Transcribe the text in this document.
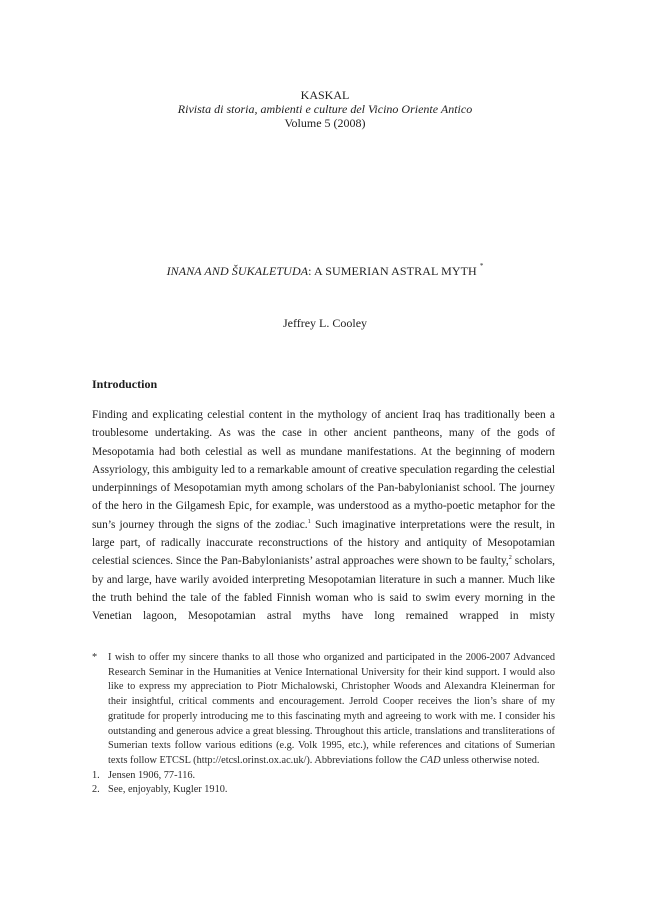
KASKAL
Rivista di storia, ambienti e culture del Vicino Oriente Antico
Volume 5 (2008)
INANA AND ŠUKALETUDA: A SUMERIAN ASTRAL MYTH *
Jeffrey L. Cooley
Introduction

Finding and explicating celestial content in the mythology of ancient Iraq has traditionally been a troublesome undertaking. As was the case in other ancient pantheons, many of the gods of Mesopotamia had both celestial as well as mundane manifestations. At the beginning of modern Assyriology, this ambiguity led to a remarkable amount of creative speculation regarding the celestial underpinnings of Mesopotamian myth among scholars of the Pan-babylonianist school. The journey of the hero in the Gilgamesh Epic, for example, was understood as a mytho-poetic metaphor for the sun’s journey through the signs of the zodiac.$^1$ Such imaginative interpretations were the result, in large part, of radically inaccurate reconstructions of the history and antiquity of Mesopotamian celestial sciences. Since the Pan-Babylonianists’ astral approaches were shown to be faulty,$^2$ scholars, by and large, have warily avoided interpreting Mesopotamian literature in such a manner. Much like the truth behind the tale of the fabled Finnish woman who is said to swim every morning in the Venetian lagoon, Mesopotamian astral myths have long remained wrapped in misty

*	I wish to offer my sincere thanks to all those who organized and participated in the 2006-2007 Advanced Research Seminar in the Humanities at Venice International University for their kind support. I would also like to express my appreciation to Piotr Michalowski, Christopher Woods and Alexandra Kleinerman for their insightful, critical comments and encouragement. Jerrold Cooper receives the lion’s share of my gratitude for properly introducing me to this fascinating myth and agreeing to work with me. I consider his outstanding and generous advice a great blessing. Throughout this article, translations and transliterations of Sumerian texts follow various editions (e.g. Volk 1995, etc.), while references and citations of Sumerian texts follow ETCSL (http://etcsl.orinst.ox.ac.uk/). Abbreviations follow the CAD unless otherwise noted.
1. Jensen 1906, 77-116.
2. See, enjoyably, Kugler 1910.
